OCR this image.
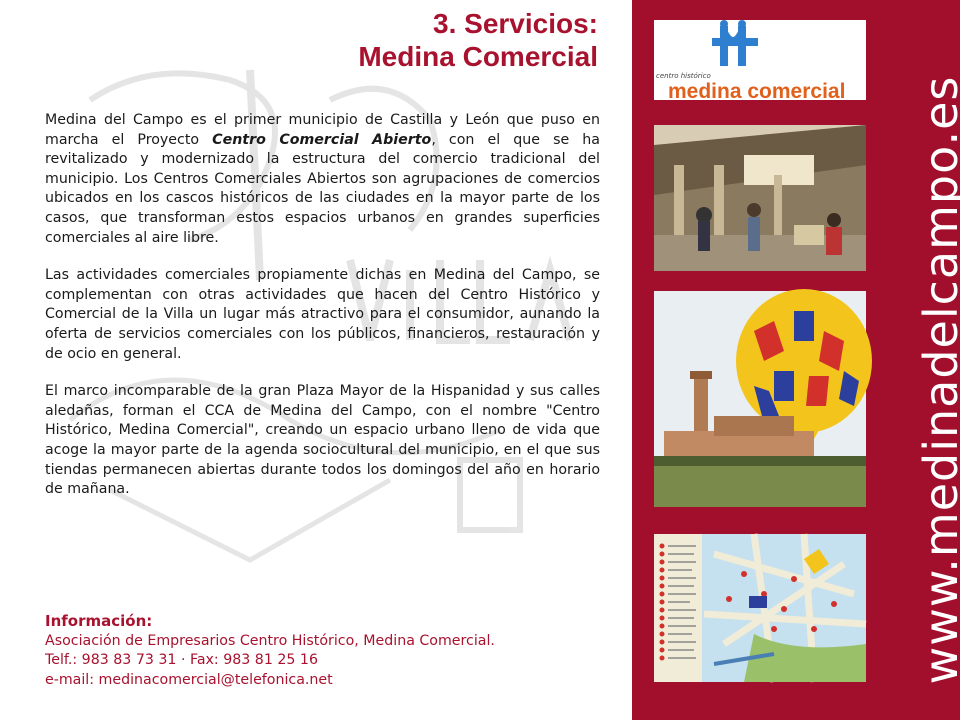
3. Servicios:
Medina Comercial

Medina del Campo es el primer municipio de Castilla y León que puso en marcha el Proyecto Centro Comercial Abierto, con el que se ha revitalizado y modernizado la estructura del comercio tradicional del municipio. Los Centros Comerciales Abiertos son agrupaciones de comercios ubicados en los cascos históricos de las ciudades en la mayor parte de los casos, que transforman estos espacios urbanos en grandes superficies comerciales al aire libre.

Las actividades comerciales propiamente dichas en Medina del Campo, se complementan con otras actividades que hacen del Centro Histórico y Comercial de la Villa un lugar más atractivo para el consumidor, aunando la oferta de servicios comerciales con los públicos, financieros, restauración y de ocio en general.

El marco incomparable de la gran Plaza Mayor de la Hispanidad y sus calles aledañas, forman el CCA de Medina del Campo, con el nombre "Centro Histórico, Medina Comercial", creando un espacio urbano lleno de vida que acoge la mayor parte de la agenda sociocultural del municipio, en el que sus tiendas permanecen abiertas durante todos los domingos del año en horario de mañana.

Información:
Asociación de Empresarios Centro Histórico, Medina Comercial.
Telf.: 983 83 73 31 · Fax: 983 81 25 16
e-mail: medinacomercial@telefonica.net
centro histórico
medina comercial www.medinadelcampo.es
